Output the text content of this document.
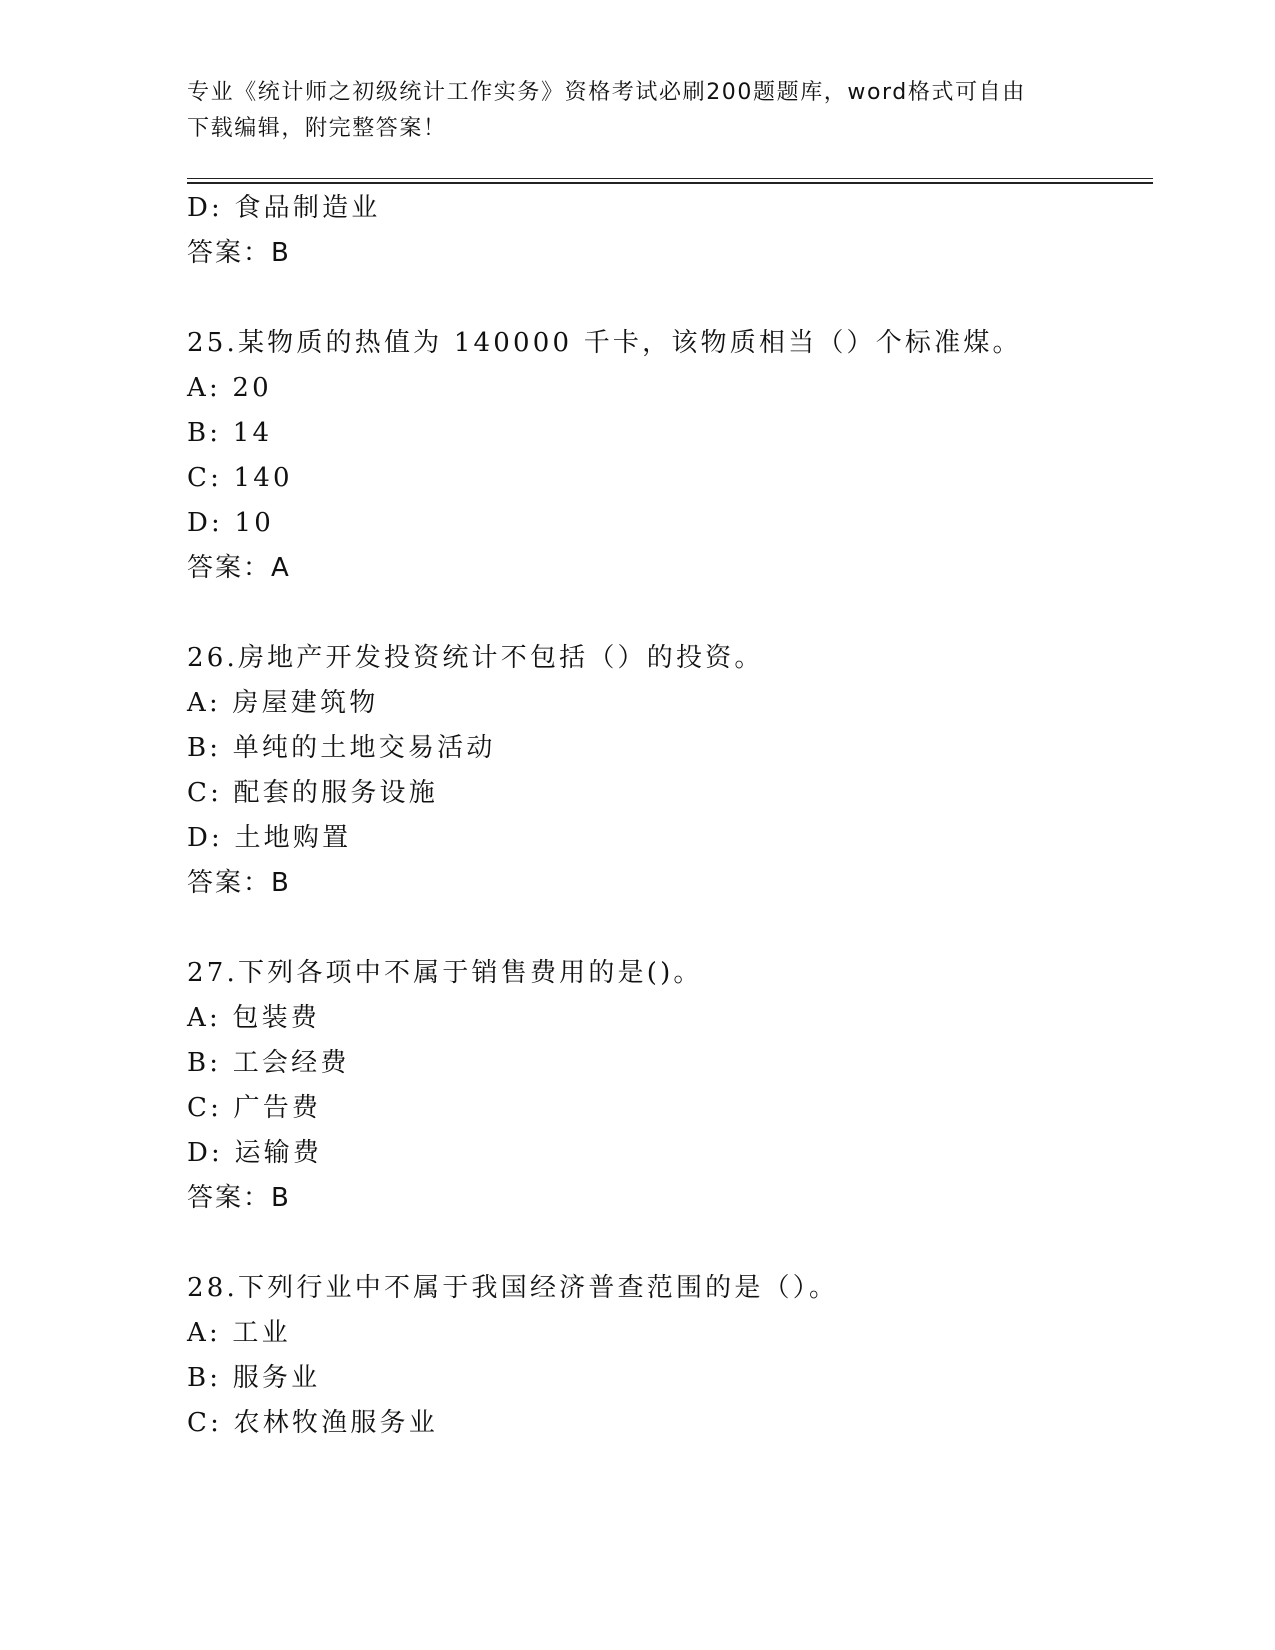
专业《统计师之初级统计工作实务》资格考试必刷200题题库，word格式可自由
下载编辑，附完整答案！
D: 食品制造业
答案：B
25.某物质的热值为 140000 千卡，该物质相当（）个标准煤。
A: 20
B: 14
C: 140
D: 10
答案：A
26.房地产开发投资统计不包括（）的投资。
A: 房屋建筑物
B: 单纯的土地交易活动
C: 配套的服务设施
D: 土地购置
答案：B
27.下列各项中不属于销售费用的是()。
A: 包装费
B: 工会经费
C: 广告费
D: 运输费
答案：B
28.下列行业中不属于我国经济普查范围的是（）。
A: 工业
B: 服务业
C: 农林牧渔服务业
